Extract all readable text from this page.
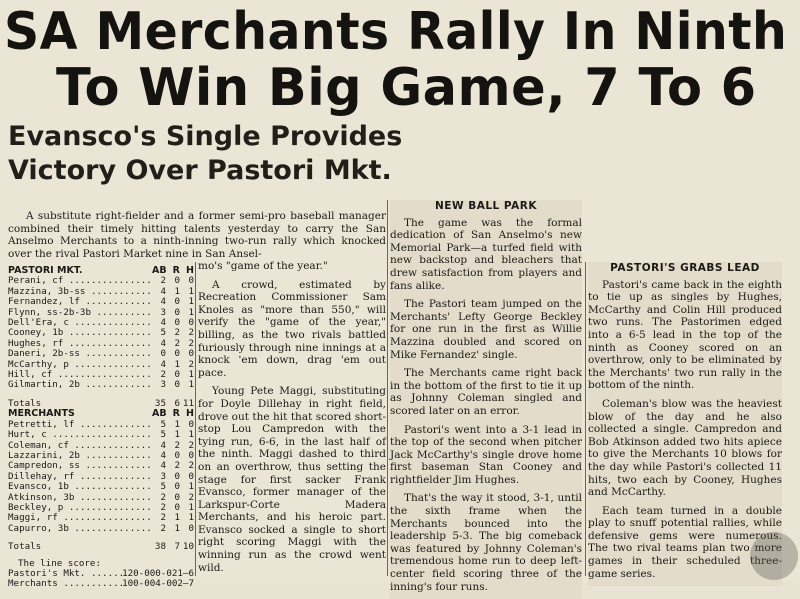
SA Merchants Rally In Ninth
To Win Big Game, 7 To 6
Evansco's Single Provides
Victory Over Pastori Mkt.
A substitute right-fielder and a former semi-pro baseball manager combined their timely hitting talents yesterday to carry the San Anselmo Merchants to a ninth-inning two-run rally which knocked over the rival Pastori Market nine in San Ansel-
PASTORI MKT.	AB R H
Perani, cf .....	2 0 0
Mazzina, 3b-ss .....	4 1 1
Fernandez, lf .....	4 0 1
Flynn, ss-2b-3b .....	3 0 1
Dell'Era, c .....	4 0 0
Cooney, 1b .....	5 2 2
Hughes, rf .....	4 2 2
Daneri, 2b-ss .....	0 0 0
McCarthy, p .....	4 1 2
Hill, cf .....	2 0 1
Gilmartin, 2b .....	3 0 1
Totals	35 6 11
MERCHANTS	AB R H
Petretti, lf .....	5 1 0
Hurt, c .....	5 1 1
Coleman, cf .....	4 2 2
Lazzarini, 2b .....	4 0 0
Campredon, ss .....	4 2 2
Dillehay, rf .....	3 0 0
Evansco, 1b .....	5 0 1
Atkinson, 3b .....	2 0 2
Beckley, p .....	2 0 1
Maggi, rf .....	2 1 1
Capurro, 3b .....	2 1 0
Totals	38 7 10
The line score:
Pastori's Mkt. .....	120-000-021—6
Merchants .....	100-004-002—7

mo's "game of the year."

A crowd, estimated by Recreation Commissioner Sam Knoles as "more than 550," will verify the "game of the year," billing, as the two rivals battled furiously through nine innings at a knock 'em down, drag 'em out pace.

Young Pete Maggi, substituting for Doyle Dillehay in right field, drove out the hit that scored short-stop Lou Campredon with the tying run, 6-6, in the last half of the ninth. Maggi dashed to third on an overthrow, thus setting the stage for first sacker Frank Evansco, former manager of the Larkspur-Corte Madera Merchants, and his heroic part. Evansco socked a single to short right scoring Maggi with the winning run as the crowd went wild.

NEW BALL PARK

The game was the formal dedication of San Anselmo's new Memorial Park—a turfed field with new backstop and bleachers that drew satisfaction from players and fans alike.

The Pastori team jumped on the Merchants' Lefty George Beckley for one run in the first as Willie Mazzina doubled and scored on Mike Fernandez' single.

The Merchants came right back in the bottom of the first to tie it up as Johnny Coleman singled and scored later on an error.

Pastori's went into a 3-1 lead in the top of the second when pitcher Jack McCarthy's single drove home first baseman Stan Cooney and rightfielder Jim Hughes.

That's the way it stood, 3-1, until the sixth frame when the Merchants bounced into the leadership 5-3. The big comeback was featured by Johnny Coleman's tremendous home run to deep left-center field scoring three of the inning's four runs.

PASTORI'S GRABS LEAD

Pastori's came back in the eighth to tie up as singles by Hughes, McCarthy and Colin Hill produced two runs. The Pastorimen edged into a 6-5 lead in the top of the ninth as Cooney scored on an overthrow, only to be eliminated by the Merchants' two run rally in the bottom of the ninth.

Coleman's blow was the heaviest blow of the day and he also collected a single. Campredon and Bob Atkinson added two hits apiece to give the Merchants 10 blows for the day while Pastori's collected 11 hits, two each by Cooney, Hughes and McCarthy.

Each team turned in a double play to snuff potential rallies, while defensive gems were numerous. The two rival teams plan two more games in their scheduled three-game series.
